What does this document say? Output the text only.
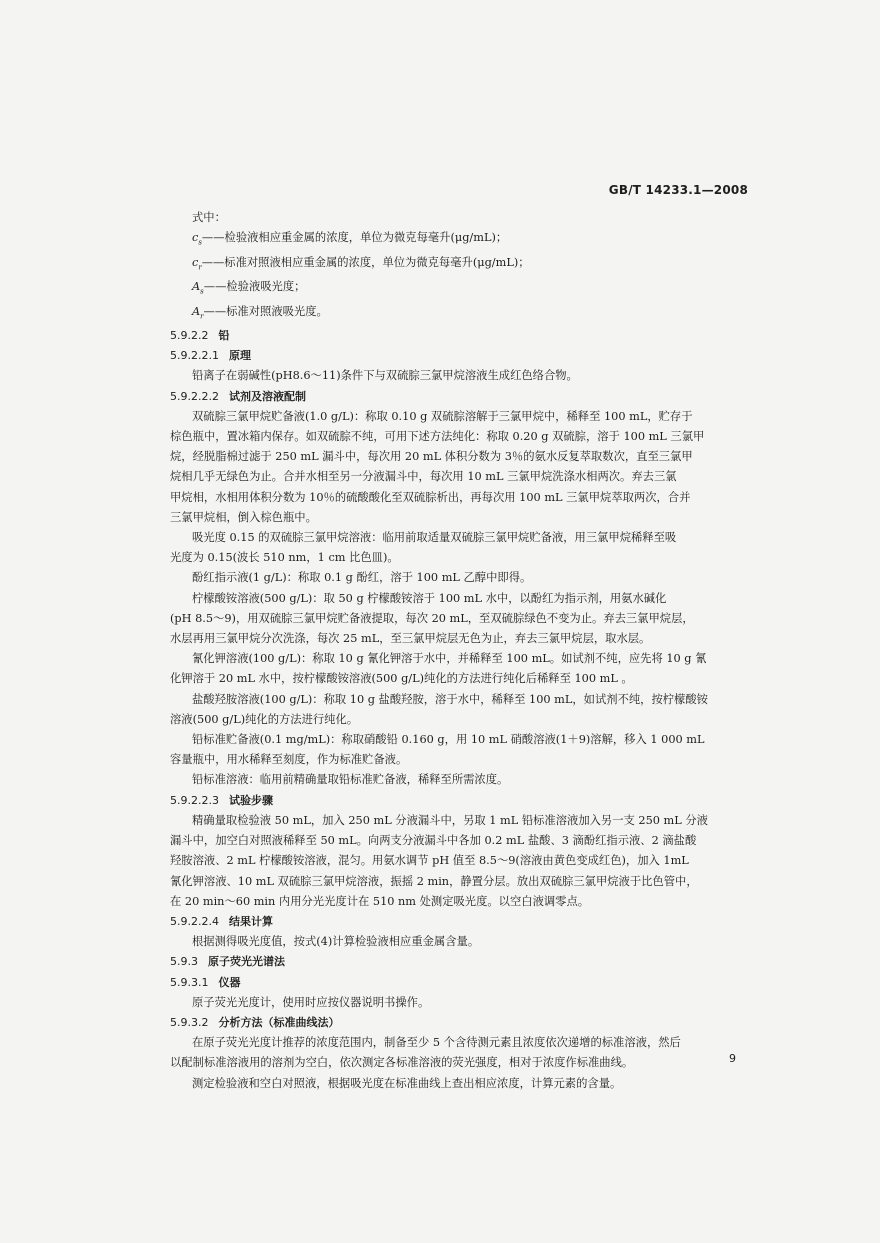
GB/T 14233.1—2008
式中：
$c_s——$检验液相应重金属的浓度，单位为微克每毫升(μg/mL)；
$c_r——$标准对照液相应重金属的浓度，单位为微克每毫升(μg/mL)；
$A_s——$检验液吸光度；
$A_r——$标准对照液吸光度。
5.9.2.2 铅
5.9.2.2.1 原理
铅离子在弱碱性(pH8.6～11)条件下与双硫腙三氯甲烷溶液生成红色络合物。
5.9.2.2.2 试剂及溶液配制
双硫腙三氯甲烷贮备液(1.0 g/L)：称取 0.10 g 双硫腙溶解于三氯甲烷中，稀释至 100 mL，贮存于
棕色瓶中，置冰箱内保存。如双硫腙不纯，可用下述方法纯化：称取 0.20 g 双硫腙，溶于 100 mL 三氯甲
烷，经脱脂棉过滤于 250 mL 漏斗中，每次用 20 mL 体积分数为 3％的氨水反复萃取数次，直至三氯甲
烷相几乎无绿色为止。合并水相至另一分液漏斗中，每次用 10 mL 三氯甲烷洗涤水相两次。弃去三氯
甲烷相，水相用体积分数为 10％的硫酸酸化至双硫腙析出，再每次用 100 mL 三氯甲烷萃取两次，合并
三氯甲烷相，倒入棕色瓶中。
吸光度 0.15 的双硫腙三氯甲烷溶液：临用前取适量双硫腙三氯甲烷贮备液，用三氯甲烷稀释至吸
光度为 0.15(波长 510 nm，1 cm 比色皿)。
酚红指示液(1 g/L)：称取 0.1 g 酚红，溶于 100 mL 乙醇中即得。
柠檬酸铵溶液(500 g/L)：取 50 g 柠檬酸铵溶于 100 mL 水中，以酚红为指示剂，用氨水碱化
(pH 8.5～9)，用双硫腙三氯甲烷贮备液提取，每次 20 mL，至双硫腙绿色不变为止。弃去三氯甲烷层，
水层再用三氯甲烷分次洗涤，每次 25 mL，至三氯甲烷层无色为止，弃去三氯甲烷层，取水层。
氰化钾溶液(100 g/L)：称取 10 g 氰化钾溶于水中，并稀释至 100 mL。如试剂不纯，应先将 10 g 氰
化钾溶于 20 mL 水中，按柠檬酸铵溶液(500 g/L)纯化的方法进行纯化后稀释至 100 mL 。
盐酸羟胺溶液(100 g/L)：称取 10 g 盐酸羟胺，溶于水中，稀释至 100 mL，如试剂不纯，按柠檬酸铵
溶液(500 g/L)纯化的方法进行纯化。
铅标准贮备液(0.1 mg/mL)：称取硝酸铅 0.160 g，用 10 mL 硝酸溶液(1＋9)溶解，移入 1 000 mL
容量瓶中，用水稀释至刻度，作为标准贮备液。
铅标准溶液：临用前精确量取铅标准贮备液，稀释至所需浓度。
5.9.2.2.3 试验步骤
精确量取检验液 50 mL，加入 250 mL 分液漏斗中，另取 1 mL 铅标准溶液加入另一支 250 mL 分液
漏斗中，加空白对照液稀释至 50 mL。向两支分液漏斗中各加 0.2 mL 盐酸、3 滴酚红指示液、2 滴盐酸
羟胺溶液、2 mL 柠檬酸铵溶液，混匀。用氨水调节 pH 值至 8.5～9(溶液由黄色变成红色)，加入 1mL
氰化钾溶液、10 mL 双硫腙三氯甲烷溶液，振摇 2 min，静置分层。放出双硫腙三氯甲烷液于比色管中，
在 20 min～60 min 内用分光光度计在 510 nm 处测定吸光度。以空白液调零点。
5.9.2.2.4 结果计算
根据测得吸光度值，按式(4)计算检验液相应重金属含量。
5.9.3 原子荧光光谱法
5.9.3.1 仪器
原子荧光光度计，使用时应按仪器说明书操作。
5.9.3.2 分析方法（标准曲线法）
在原子荧光光度计推荐的浓度范围内，制备至少 5 个含待测元素且浓度依次递增的标准溶液，然后
以配制标准溶液用的溶剂为空白，依次测定各标准溶液的荧光强度，相对于浓度作标准曲线。
测定检验液和空白对照液，根据吸光度在标准曲线上查出相应浓度，计算元素的含量。
9
